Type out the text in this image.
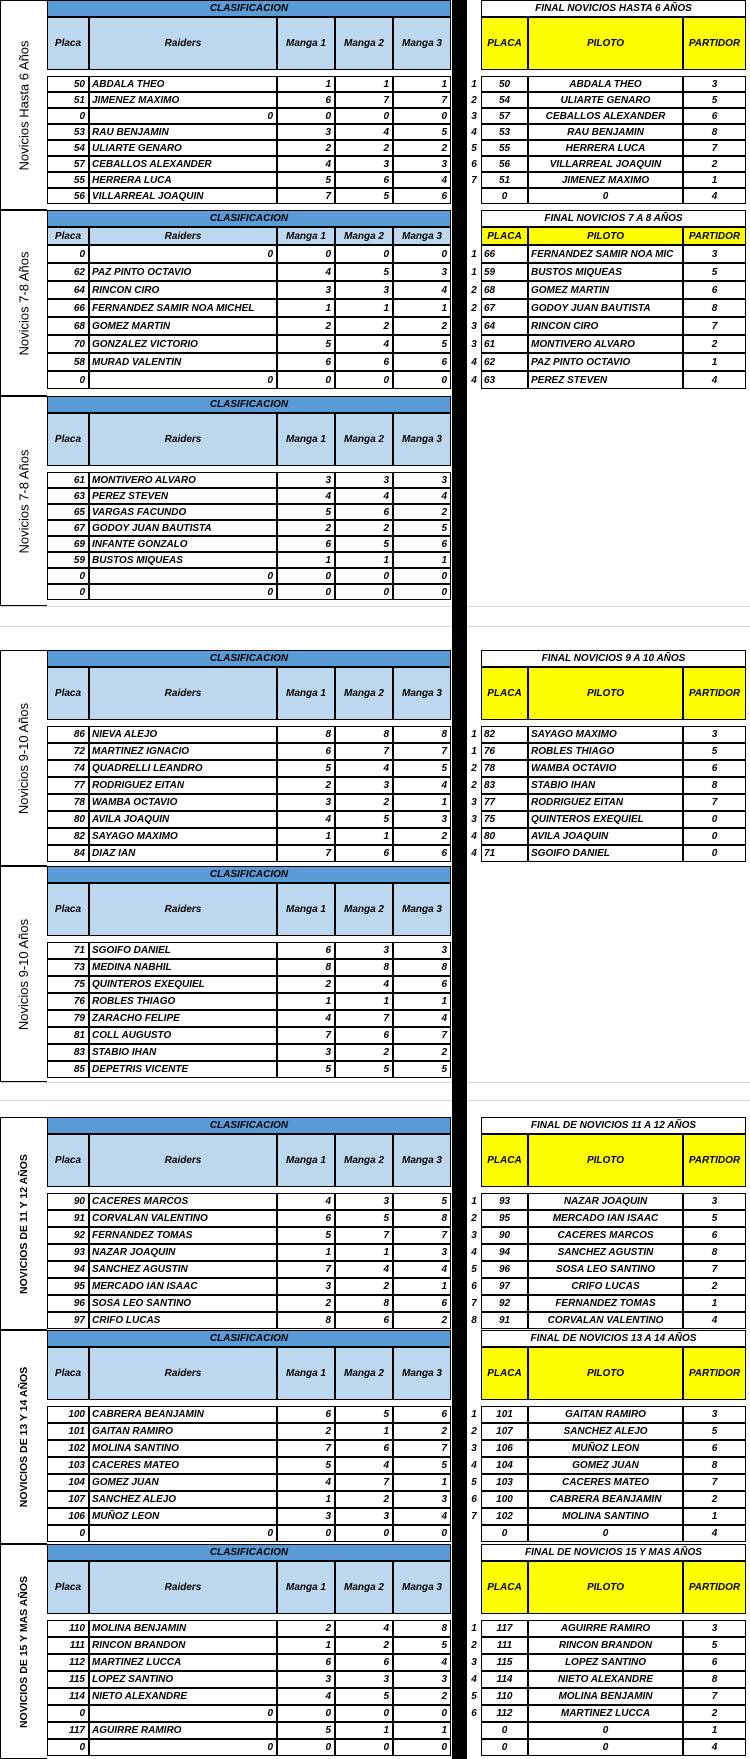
Novicios Hasta 6 Años
CLASIFICACION
Placa	Raiders	Manga 1	Manga 2	Manga 3
50 ABDALA THEO	1	1	1
51 JIMENEZ MAXIMO	6	7	7
0	0	0	0	0
53 RAU BENJAMIN	3	4	5
54 ULIARTE GENARO	2	2	2
57 CEBALLOS ALEXANDER	4	3	3
55 HERRERA LUCA	5	6	4
56 VILLARREAL JOAQUIN	7	5	6
FINAL NOVICIOS HASTA 6 AÑOS
PLACA	PILOTO	PARTIDOR
1	50	ABDALA THEO	3
2	54	ULIARTE GENARO	5
3	57	CEBALLOS ALEXANDER	6
4	53	RAU BENJAMIN	8
5	55	HERRERA LUCA	7
6	56	VILLARREAL JOAQUIN	2
7	51	JIMENEZ MAXIMO	1
0	0	4
Novicios 7-8 Años
CLASIFICACION
Placa	Raiders	Manga 1	Manga 2	Manga 3
0	0	0	0	0
62 PAZ PINTO OCTAVIO	4	5	3
64 RINCON CIRO	3	3	4
66 FERNANDEZ SAMIR NOA MICHEL	1	1	1
68 GOMEZ MARTIN	2	2	2
70 GONZALEZ VICTORIO	5	4	5
58 MURAD VALENTIN	6	6	6
0	0	0	0	0
FINAL NOVICIOS 7 A 8 AÑOS
PLACA	PILOTO	PARTIDOR
1 66	FERNANDEZ SAMIR NOA MIC	3
1 59	BUSTOS MIQUEAS	5
2 68	GOMEZ MARTIN	6
2 67	GODOY JUAN BAUTISTA	8
3 64	RINCON CIRO	7
3 61	MONTIVERO ALVARO	2
4 62	PAZ PINTO OCTAVIO	1
4 63	PEREZ STEVEN	4
Novicios 7-8 Años
CLASIFICACION
Placa	Raiders	Manga 1	Manga 2	Manga 3
61 MONTIVERO ALVARO	3	3	3
63 PEREZ STEVEN	4	4	4
65 VARGAS FACUNDO	5	6	2
67 GODOY JUAN BAUTISTA	2	2	5
69 INFANTE GONZALO	6	5	6
59 BUSTOS MIQUEAS	1	1	1
0	0	0	0	0
0	0	0	0	0
Novicios 9-10 Años
CLASIFICACION
Placa	Raiders	Manga 1	Manga 2	Manga 3
86 NIEVA ALEJO	8	8	8
72 MARTINEZ IGNACIO	6	7	7
74 QUADRELLI LEANDRO	5	4	5
77 RODRIGUEZ EITAN	2	3	4
78 WAMBA OCTAVIO	3	2	1
80 AVILA JOAQUIN	4	5	3
82 SAYAGO MAXIMO	1	1	2
84 DIAZ IAN	7	6	6
FINAL NOVICIOS 9 A 10 AÑOS
PLACA	PILOTO	PARTIDOR
1 82	SAYAGO MAXIMO	3
1 76	ROBLES THIAGO	5
2 78	WAMBA OCTAVIO	6
2 83	STABIO IHAN	8
3 77	RODRIGUEZ EITAN	7
3 75	QUINTEROS EXEQUIEL	0
4 80	AVILA JOAQUIN	0
4 71	SGOIFO DANIEL	0
Novicios 9-10 Años
CLASIFICACION
Placa	Raiders	Manga 1	Manga 2	Manga 3
71 SGOIFO DANIEL	6	3	3
73 MEDINA NABHIL	8	8	8
75 QUINTEROS EXEQUIEL	2	4	6
76 ROBLES THIAGO	1	1	1
79 ZARACHO FELIPE	4	7	4
81 COLL AUGUSTO	7	6	7
83 STABIO IHAN	3	2	2
85 DEPETRIS VICENTE	5	5	5
NOVICIOS DE 11 Y 12 AÑOS
CLASIFICACION
Placa	Raiders	Manga 1	Manga 2	Manga 3
90 CACERES MARCOS	4	3	5
91 CORVALAN VALENTINO	6	5	8
92 FERNANDEZ TOMAS	5	7	7
93 NAZAR JOAQUIN	1	1	3
94 SANCHEZ AGUSTIN	7	4	4
95 MERCADO IAN ISAAC	3	2	1
96 SOSA LEO SANTINO	2	8	6
97 CRIFO LUCAS	8	6	2
FINAL DE NOVICIOS 11 A 12 AÑOS
PLACA	PILOTO	PARTIDOR
1	93	NAZAR JOAQUIN	3
2	95	MERCADO IAN ISAAC	5
3	90	CACERES MARCOS	6
4	94	SANCHEZ AGUSTIN	8
5	96	SOSA LEO SANTINO	7
6	97	CRIFO LUCAS	2
7	92	FERNANDEZ TOMAS	1
8	91	CORVALAN VALENTINO	4
NOVICIOS DE 13 Y 14 AÑOS
CLASIFICACION
Placa	Raiders	Manga 1	Manga 2	Manga 3
100 CABRERA BEANJAMIN	6	5	6
101 GAITAN RAMIRO	2	1	2
102 MOLINA SANTINO	7	6	7
103 CACERES MATEO	5	4	5
104 GOMEZ JUAN	4	7	1
107 SANCHEZ ALEJO	1	2	3
106 MUÑOZ LEON	3	3	4
0	0	0	0	0
FINAL DE NOVICIOS 13 A 14 AÑOS
PLACA	PILOTO	PARTIDOR
1	101	GAITAN RAMIRO	3
2	107	SANCHEZ ALEJO	5
3	106	MUÑOZ LEON	6
4	104	GOMEZ JUAN	8
5	103	CACERES MATEO	7
6	100	CABRERA BEANJAMIN	2
7	102	MOLINA SANTINO	1
0	0	4
NOVICIOS DE 15 Y MAS AÑOS
CLASIFICACION
Placa	Raiders	Manga 1	Manga 2	Manga 3
110 MOLINA BENJAMIN	2	4	8
111 RINCON BRANDON	1	2	5
112 MARTINEZ LUCCA	6	6	4
115 LOPEZ SANTINO	3	3	3
114 NIETO ALEXANDRE	4	5	2
0	0	0	0	0
117 AGUIRRE RAMIRO	5	1	1
0	0	0	0	0
FINAL DE NOVICIOS 15 Y MAS AÑOS
PLACA	PILOTO	PARTIDOR
1	117	AGUIRRE RAMIRO	3
2	111	RINCON BRANDON	5
3	115	LOPEZ SANTINO	6
4	114	NIETO ALEXANDRE	8
5	110	MOLINA BENJAMIN	7
6	112	MARTINEZ LUCCA	2
0	0	1
0	0	4
